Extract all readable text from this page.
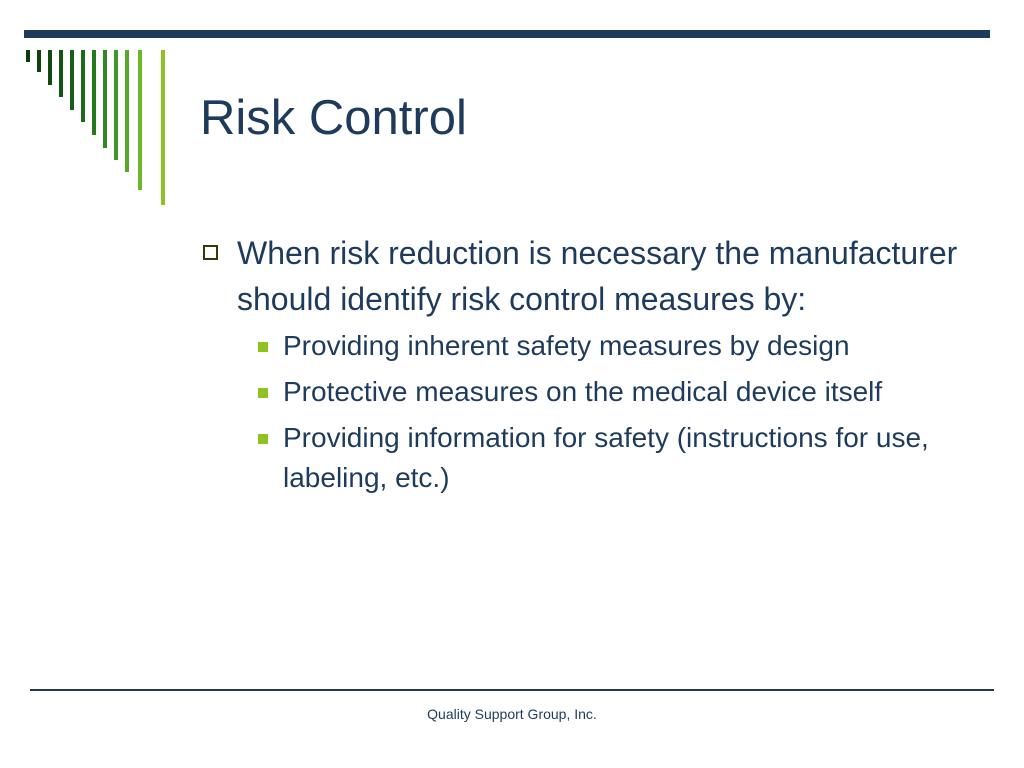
Risk Control
When risk reduction is necessary the manufacturer should identify risk control measures by:
Providing inherent safety measures by design
Protective measures on the medical device itself
Providing information for safety (instructions for use, labeling, etc.)
Quality Support Group, Inc.
